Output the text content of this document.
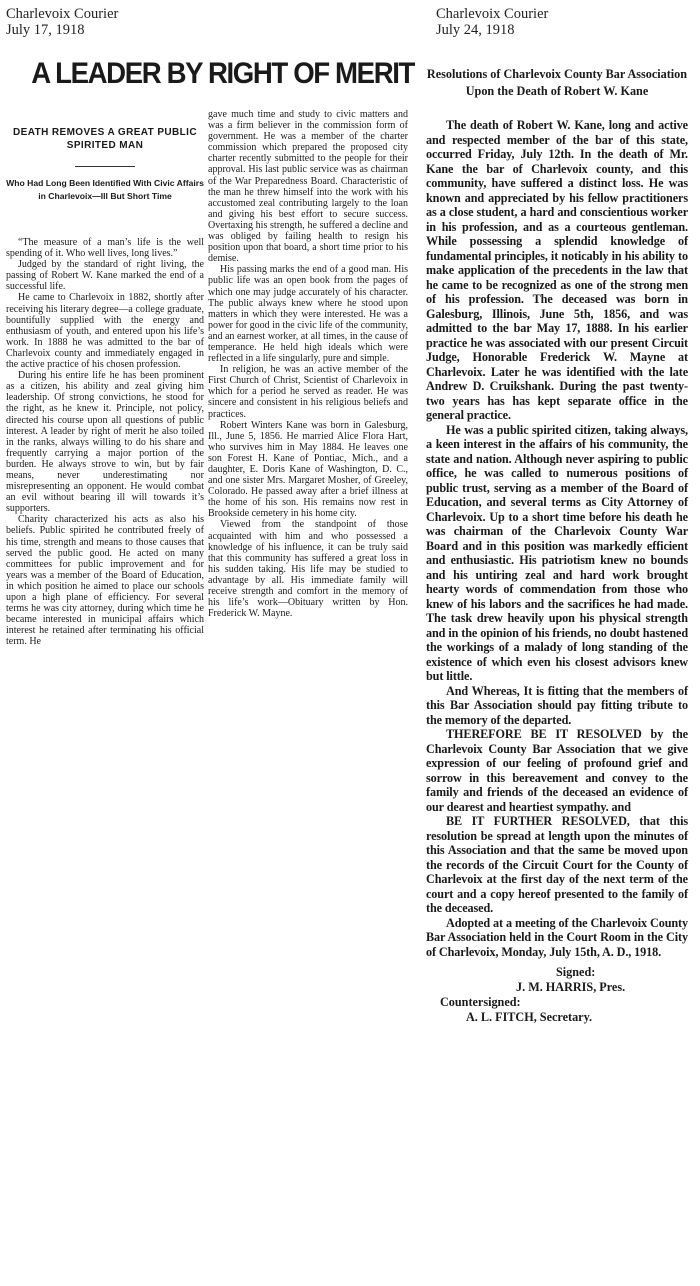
Charlevoix Courier
July 17, 1918
Charlevoix Courier
July 24, 1918
A LEADER BY RIGHT OF MERIT
DEATH REMOVES A GREAT PUBLIC SPIRITED MAN
Who Had Long Been Identified With Civic Affairs in Charlevoix—Ill But Short Time

“The measure of a man’s life is the well spending of it. Who well lives, long lives.”

Judged by the standard of right living, the passing of Robert W. Kane marked the end of a successful life.

He came to Charlevoix in 1882, shortly after receiving his literary degree—a college graduate, bountifully supplied with the energy and enthusiasm of youth, and entered upon his life’s work. In 1888 he was admitted to the bar of Charlevoix county and immediately engaged in the active practice of his chosen profession.

During his entire life he has been prominent as a citizen, his ability and zeal giving him leadership. Of strong convictions, he stood for the right, as he knew it. Principle, not policy, directed his course upon all questions of public interest. A leader by right of merit he also toiled in the ranks, always willing to do his share and frequently carrying a major portion of the burden. He always strove to win, but by fair means, never underestimating nor misrepresenting an opponent. He would combat an evil without bearing ill will towards it’s supporters.

Charity characterized his acts as also his beliefs. Public spirited he contributed freely of his time, strength and means to those causes that served the public good. He acted on many committees for public improvement and for years was a member of the Board of Education, in which position he aimed to place our schools upon a high plane of efficiency. For several terms he was city attorney, during which time he became interested in municipal affairs which interest he retained after terminating his official term. He

gave much time and study to civic matters and was a firm believer in the commission form of government. He was a member of the charter commission which prepared the proposed city charter recently submitted to the people for their approval. His last public service was as chairman of the War Preparedness Board. Characteristic of the man he threw himself into the work with his accustomed zeal contributing largely to the loan and giving his best effort to secure success. Overtaxing his strength, he suffered a decline and was obliged by failing health to resign his position upon that board, a short time prior to his demise.

His passing marks the end of a good man. His public life was an open book from the pages of which one may judge accurately of his character. The public always knew where he stood upon matters in which they were interested. He was a power for good in the civic life of the community, and an earnest worker, at all times, in the cause of temperance. He held high ideals which were reflected in a life singularly, pure and simple.

In religion, he was an active member of the First Church of Christ, Scientist of Charlevoix in which for a period he served as reader. He was sincere and consistent in his religious beliefs and practices.

Robert Winters Kane was born in Galesburg, Ill., June 5, 1856. He married Alice Flora Hart, who survives him in May 1884. He leaves one son Forest H. Kane of Pontiac, Mich., and a daughter, E. Doris Kane of Washington, D. C., and one sister Mrs. Margaret Mosher, of Greeley, Colorado. He passed away after a brief illness at the home of his son. His remains now rest in Brookside cemetery in his home city.

Viewed from the standpoint of those acquainted with him and who possessed a knowledge of his influence, it can be truly said that this community has suffered a great loss in his sudden taking. His life may be studied to advantage by all. His immediate family will receive strength and comfort in the memory of his life’s work—Obituary written by Hon. Frederick W. Mayne.

Resolutions of Charlevoix County Bar Association Upon the Death of Robert W. Kane

The death of Robert W. Kane, long and active and respected member of the bar of this state, occurred Friday, July 12th. In the death of Mr. Kane the bar of Charlevoix county, and this community, have suffered a distinct loss. He was known and appreciated by his fellow practitioners as a close student, a hard and conscientious worker in his profession, and as a courteous gentleman. While possessing a splendid knowledge of fundamental principles, it noticably in his ability to make application of the precedents in the law that he came to be recognized as one of the strong men of his profession. The deceased was born in Galesburg, Illinois, June 5th, 1856, and was admitted to the bar May 17, 1888. In his earlier practice he was associated with our present Circuit Judge, Honorable Frederick W. Mayne at Charlevoix. Later he was identified with the late Andrew D. Cruikshank. During the past twenty-two years has has kept separate office in the general practice.

He was a public spirited citizen, taking always, a keen interest in the affairs of his community, the state and nation. Although never aspiring to public office, he was called to numerous positions of public trust, serving as a member of the Board of Education, and several terms as City Attorney of Charlevoix. Up to a short time before his death he was chairman of the Charlevoix County War Board and in this position was markedly efficient and enthusiastic. His patriotism knew no bounds and his untiring zeal and hard work brought hearty words of commendation from those who knew of his labors and the sacrifices he had made. The task drew heavily upon his physical strength and in the opinion of his friends, no doubt hastened the workings of a malady of long standing of the existence of which even his closest advisors knew but little.

And Whereas, It is fitting that the members of this Bar Association should pay fitting tribute to the memory of the departed.

THEREFORE BE IT RESOLVED by the Charlevoix County Bar Association that we give expression of our feeling of profound grief and sorrow in this bereavement and convey to the family and friends of the deceased an evidence of our dearest and heartiest sympathy. and

BE IT FURTHER RESOLVED, that this resolution be spread at length upon the minutes of this Association and that the same be moved upon the records of the Circuit Court for the County of Charlevoix at the first day of the next term of the court and a copy hereof presented to the family of the deceased.

Adopted at a meeting of the Charlevoix County Bar Association held in the Court Room in the City of Charlevoix, Monday, July 15th, A. D., 1918.

Signed:
J. M. HARRIS, Pres.
Countersigned:
A. L. FITCH, Secretary.
